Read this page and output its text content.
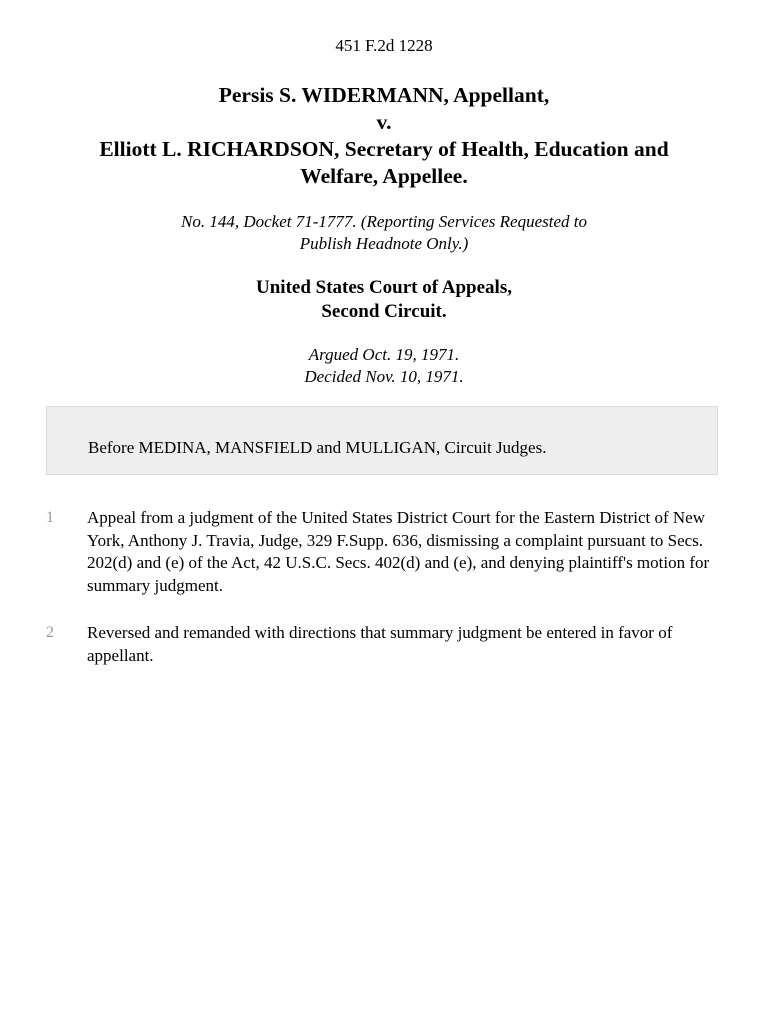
451 F.2d 1228
Persis S. WIDERMANN, Appellant,
v.
Elliott L. RICHARDSON, Secretary of Health, Education and
Welfare, Appellee.
No. 144, Docket 71-1777. (Reporting Services Requested to
Publish Headnote Only.)
United States Court of Appeals,
Second Circuit.
Argued Oct. 19, 1971.
Decided Nov. 10, 1971.
Before MEDINA, MANSFIELD and MULLIGAN, Circuit Judges.
1 Appeal from a judgment of the United States District Court for the Eastern District of New York, Anthony J. Travia, Judge, 329 F.Supp. 636, dismissing a complaint pursuant to Secs. 202(d) and (e) of the Act, 42 U.S.C. Secs. 402(d) and (e), and denying plaintiff's motion for summary judgment.
2 Reversed and remanded with directions that summary judgment be entered in favor of appellant.
